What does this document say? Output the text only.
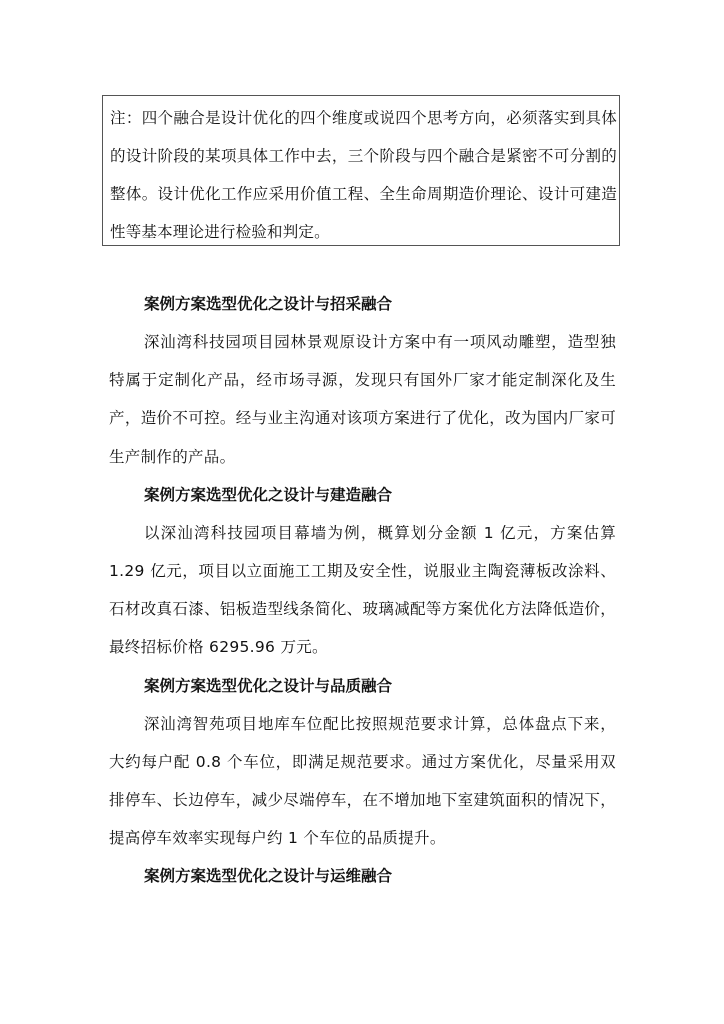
注：四个融合是设计优化的四个维度或说四个思考方向，必须落实到具体的设计阶段的某项具体工作中去，三个阶段与四个融合是紧密不可分割的整体。设计优化工作应采用价值工程、全生命周期造价理论、设计可建造性等基本理论进行检验和判定。

案例方案选型优化之设计与招采融合

深汕湾科技园项目园林景观原设计方案中有一项风动雕塑，造型独特属于定制化产品，经市场寻源，发现只有国外厂家才能定制深化及生产，造价不可控。经与业主沟通对该项方案进行了优化，改为国内厂家可生产制作的产品。

案例方案选型优化之设计与建造融合

以深汕湾科技园项目幕墙为例，概算划分金额 1 亿元，方案估算 1.29 亿元，项目以立面施工工期及安全性，说服业主陶瓷薄板改涂料、石材改真石漆、铝板造型线条简化、玻璃减配等方案优化方法降低造价，最终招标价格 6295.96 万元。

案例方案选型优化之设计与品质融合

深汕湾智苑项目地库车位配比按照规范要求计算，总体盘点下来，大约每户配 0.8 个车位，即满足规范要求。通过方案优化，尽量采用双排停车、长边停车，减少尽端停车，在不增加地下室建筑面积的情况下，提高停车效率实现每户约 1 个车位的品质提升。

案例方案选型优化之设计与运维融合
